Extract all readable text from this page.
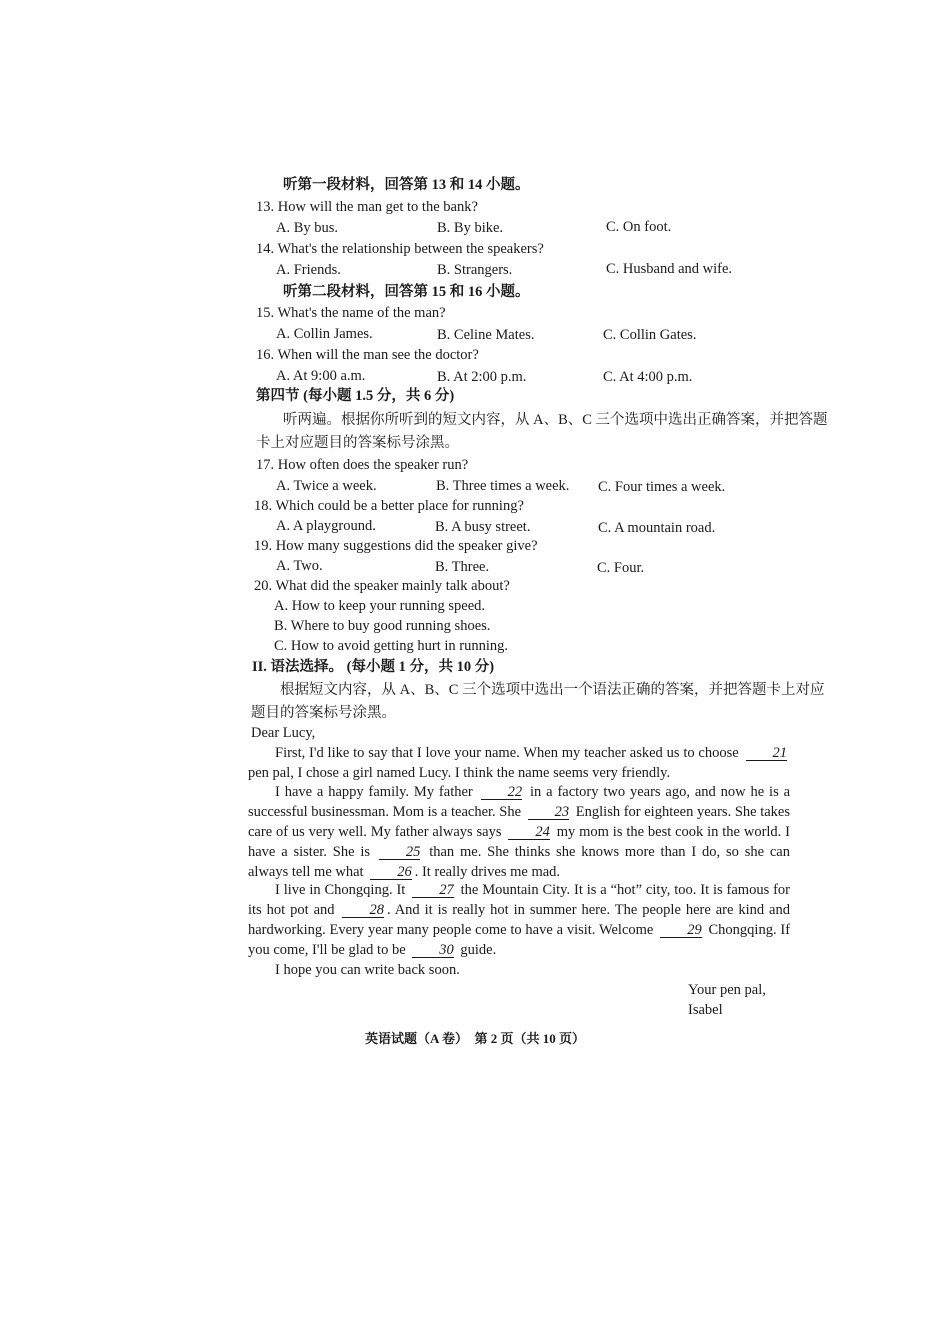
听第一段材料，回答第 13 和 14 小题。
13. How will the man get to the bank?
A. By bus.	B. By bike.	C. On foot.
14. What's the relationship between the speakers?
A. Friends.	B. Strangers.	C. Husband and wife.
听第二段材料，回答第 15 和 16 小题。
15. What's the name of the man?
A. Collin James.	B. Celine Mates.	C. Collin Gates.
16. When will the man see the doctor?
A. At 9:00 a.m.	B. At 2:00 p.m.	C. At 4:00 p.m.
第四节 (每小题 1.5 分，共 6 分)
听两遍。根据你所听到的短文内容，从 A、B、C 三个选项中选出正确答案，并把答题
卡上对应题目的答案标号涂黑。
17. How often does the speaker run?
A. Twice a week.	B. Three times a week. C. Four times a week.
18. Which could be a better place for running?
A. A playground.	B. A busy street.	C. A mountain road.
19. How many suggestions did the speaker give?
A. Two.	B. Three.	C. Four.
20. What did the speaker mainly talk about?
A. How to keep your running speed.
B. Where to buy good running shoes.
C. How to avoid getting hurt in running.
II. 语法选择。 (每小题 1 分，共 10 分)
根据短文内容，从 A、B、C 三个选项中选出一个语法正确的答案，并把答题卡上对应
题目的答案标号涂黑。
Dear Lucy,
First, I'd like to say that I love your name. When my teacher asked us to choose 21 pen pal, I chose a girl named Lucy. I think the name seems very friendly.
I have a happy family. My father 22 in a factory two years ago, and now he is a successful businessman. Mom is a teacher. She 23 English for eighteen years. She takes care of us very well. My father always says 24 my mom is the best cook in the world. I have a sister. She is 25 than me. She thinks she knows more than I do, so she can always tell me what 26 . It really drives me mad.
I live in Chongqing. It 27 the Mountain City. It is a “hot” city, too. It is famous for its hot pot and 28 . And it is really hot in summer here. The people here are kind and hardworking. Every year many people come to have a visit. Welcome 29 Chongqing. If you come, I'll be glad to be 30 guide.
I hope you can write back soon.
Your pen pal,
Isabel
英语试题（A 卷）　第 2 页（共 10 页）
